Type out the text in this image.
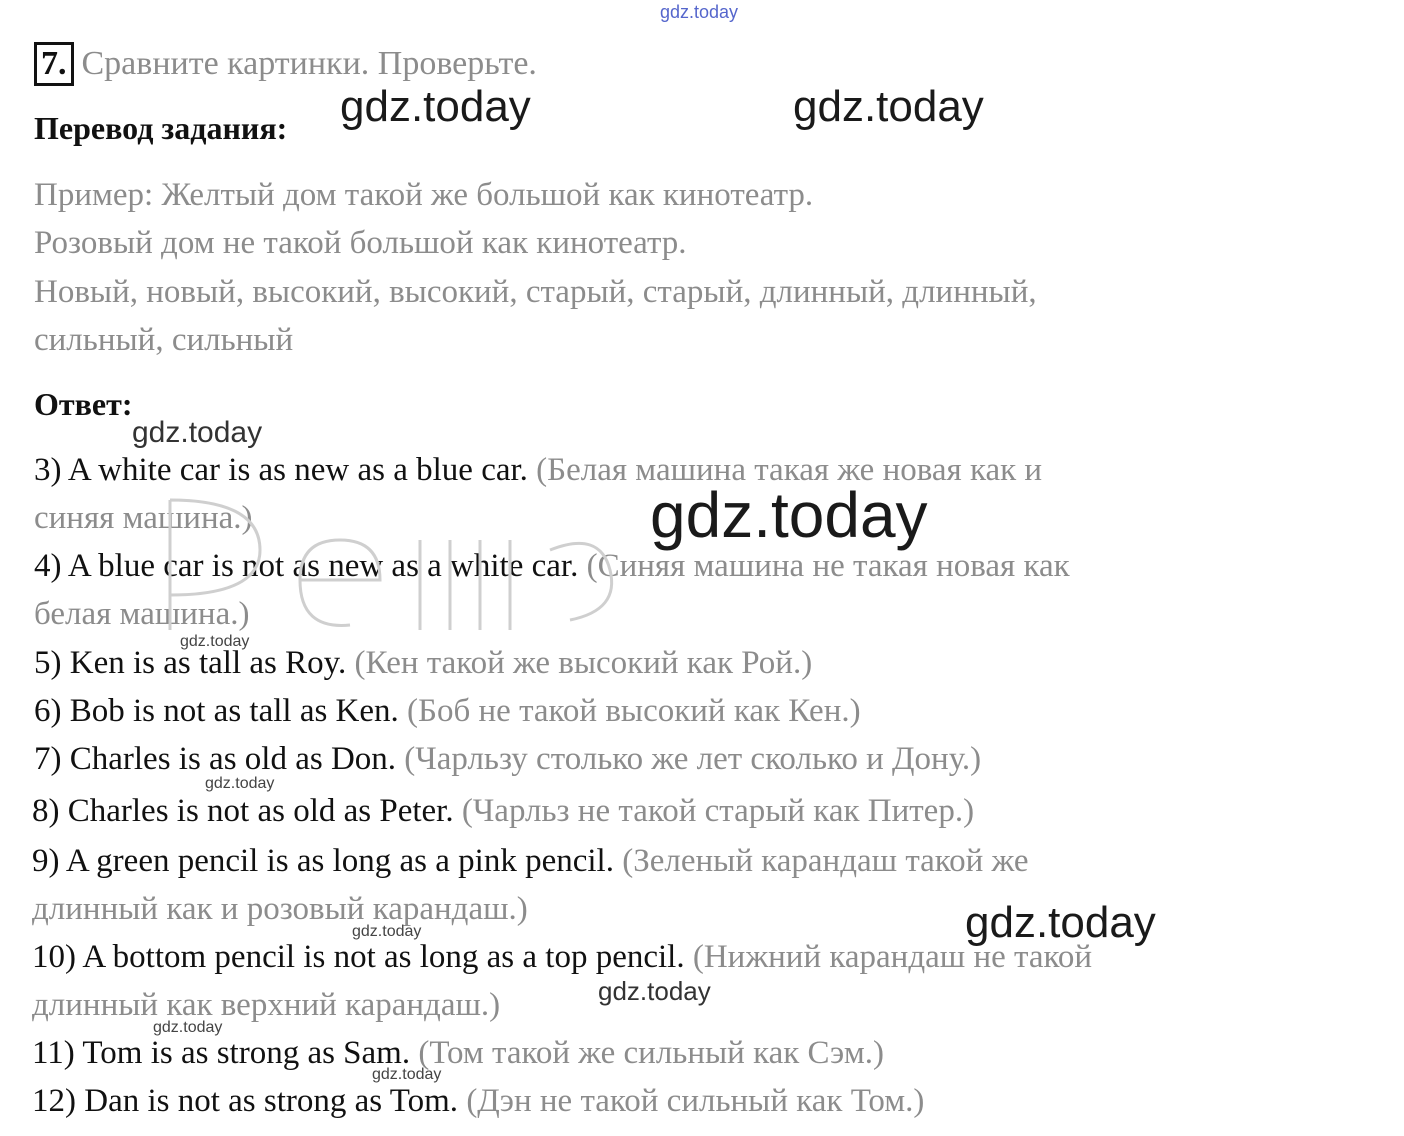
gdz.today
7. Сравните картинки. Проверьте.
Перевод задания:
Пример: Желтый дом такой же большой как кинотеатр.
Розовый дом не такой большой как кинотеатр.
Новый, новый, высокий, высокий, старый, старый, длинный, длинный,
сильный, сильный
Ответ:
3) A white car is as new as a blue car. (Белая машина такая же новая как и
синяя машина.)
4) A blue car is not as new as a white car. (Синяя машина не такая новая как
белая машина.)
5) Ken is as tall as Roy. (Кен такой же высокий как Рой.)
6) Bob is not as tall as Ken. (Боб не такой высокий как Кен.)
7) Charles is as old as Don. (Чарльзу столько же лет сколько и Дону.)
8) Charles is not as old as Peter. (Чарльз не такой старый как Питер.)
9) A green pencil is as long as a pink pencil. (Зеленый карандаш такой же
длинный как и розовый карандаш.)
10) A bottom pencil is not as long as a top pencil. (Нижний карандаш не такой
длинный как верхний карандаш.)
11) Tom is as strong as Sam. (Том такой же сильный как Сэм.)
12) Dan is not as strong as Tom. (Дэн не такой сильный как Том.)
gdz.today	gdz.today
gdz.today
gdz.today
gdz.today
gdz.today
gdz.today
gdz.today
gdz.today
gdz.today
gdz.today
